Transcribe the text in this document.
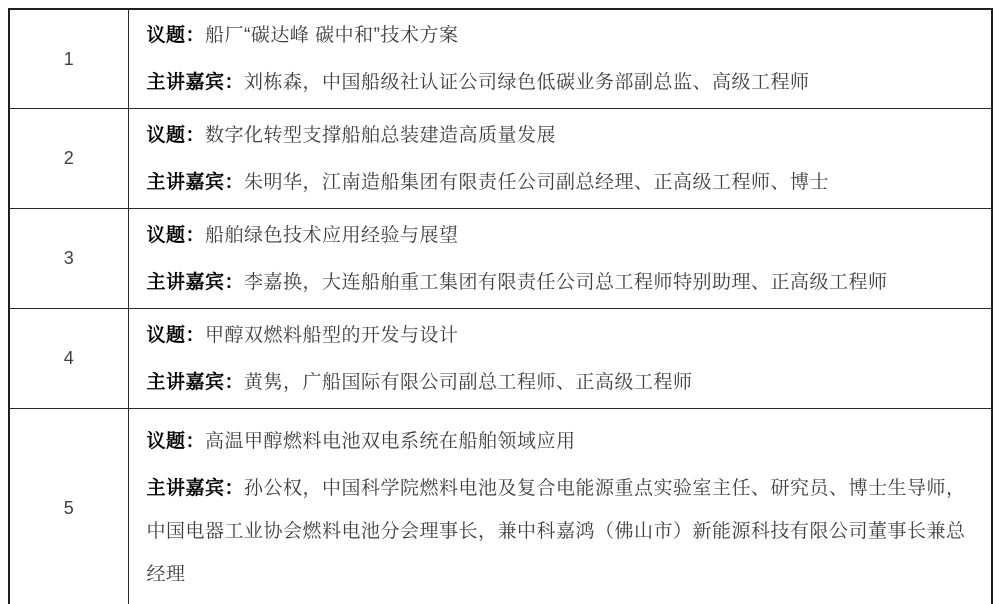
1	议题：船厂“碳达峰 碳中和”技术方案

主讲嘉宾：刘栋森，中国船级社认证公司绿色低碳业务部副总监、高级工程师

2	议题：数字化转型支撑船舶总装建造高质量发展

主讲嘉宾：朱明华，江南造船集团有限责任公司副总经理、正高级工程师、博士

3	议题：船舶绿色技术应用经验与展望

主讲嘉宾：李嘉换，大连船舶重工集团有限责任公司总工程师特别助理、正高级工程师

4	议题：甲醇双燃料船型的开发与设计

主讲嘉宾：黄隽，广船国际有限公司副总工程师、正高级工程师

5	议题：高温甲醇燃料电池双电系统在船舶领域应用

主讲嘉宾：孙公权，中国科学院燃料电池及复合电能源重点实验室主任、研究员、博士生导师，中国电器工业协会燃料电池分会理事长，兼中科嘉鸿（佛山市）新能源科技有限公司董事长兼总经理
